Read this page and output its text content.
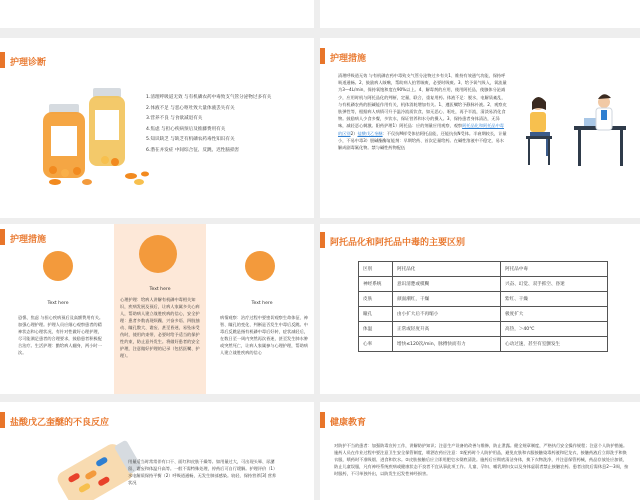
护理诊断
1.清理呼吸道无效 与有机磷农药中毒致支气管分泌物过多有关
2.体液不足 与恶心呕吐致大量体液丢失有关
3.营养不良 与食欲减退有关
4.焦虑 与担心疾病预后及推藤费用有关
5.知识缺乏 与缺乏有机磷农药毒性知识有关
6.潜在并发症 中间综合征、反跳、迟性脑损害
护理措施
清理呼吸道无效 与有机磷农药中毒致支气管分泌物过多有关1、维持有效通气功能，保持呼吸道通畅。2、鼓励病人咳嗽，帮助病人拍背咳痰，必要时吸痰。3、给予氧气吸入，氧流量为3—4L/min，保持氧饱和度在90%以上。4、解毒剂的应用，使用阿托品，使腺体分泌减少，应用时机与阿托品化的判断，定量，联合，重复用药。体液不足：脱水，电解质紊乱，与有机磷农药的胆碱能作用有关，机体消耗增加有关。1、遵医嘱给予静脉补液。2、观察皮肤弹性等，根据病人病情可升予温冷流质饮食，如无恶心、呕吐，再予半流，清淡易消化食物。鼓励病人少食多餐，多饮水，保证营养和水分的摄入。3、保持患者身体清洁，无异味，减轻恶心刺激。阳药护理1）阿托品：应的剂量应用观察，观察阿托品化和阿托品中毒的区别2）盐酸戊乙奎醚：不仅抗M样受体拮阿托品能，还能抗抗N受体。半衰期较长，计量小，不易中毒3）胆碱酯酶复能剂：早期给药、首次足量给药。在碱性溶液中不稳定，易水解成剧毒氟化物。禁与碱性药物配伍
护理措施
Text here
恐惧、焦虑 与担心疾病预后及高额费用有关。加强心理护理。护理人员应细心观察患者的精神状态和心理状况，有针对性做好心理护理，尽可能满足患者的合理要求，鼓励患者积极配合治疗。生活护理：勤给病人翻身，两小时一次。
Text here
心理护理：给病人讲解有机磷中毒相关知识，疾病发展及预后，让病人家属多关心病人，帮助病人建立战胜疾病的信心，安全护理：患者多数表现烦躁、兴奋多语、四肢抽动、瞳孔散大、谵妄、甚至昏迷，易坠床受伤时，使用约束带，必要时给予适当的保护性约束，防止意外发生。将做好患者的安全护理，注意做好护理的记录（包括医嘱、护理）。
Text here
病情观察：治疗过程中要密切观察生命体征、神智、瞳孔的变化、判断是否发生中毒后反跳。中毒后反跳是指有机磷中毒后好转，症状减轻后，在数日至一周内突然再次昏迷，甚至发生肺水肿或突然死亡，让病人家属参与心理护理，帮助病人建立战胜疾病的信心
阿托品化和阿托品中毒的主要区别
区别	阿托品化	阿托品中毒
神经系统	意识清楚或模糊	兴奋、幻觉、双手抓空、昏迷
皮肤	颜面潮红，干燥	紫红、干燥
瞳孔	由小扩大后不再缩小	极度扩大
体温	正常或轻度升高	高热，＞40℃
心率	增快≤120次/min，脉搏快而有力	心动过速，甚至有室颤发生
盐酸戊乙奎醚的不良反应
用量适当时常常伴有口干、面红和皮肤干燥等。如用量过大，可出现头晕、尿潴留、谵妄和体温升高等。一般不需特殊处理，停药后可自行缓解。护理评价（1）水电解质保持平衡（2）呼吸道通畅，无发生肺部感染。较轻、保持营养[3] 营养状况
健康教育
对防护不当的患者：加强防毒宣传工作，讲解防护知识；注意生产设备的改善与维修，防止泄露。健全规章制度，严格执行安全操作规程；注意个人防护措施。施药人员在作业过程中要注意卫生安全保管制度，喷洒农药应注意：①配药时个人防护用品，避免皮肤和衣服接触染毒药液和尼龙衣，接触药液后立即洗手和换衣服，喷药时不准吸烟、进食和饮水。②皮肤接触后应立即用肥皂水彻底清洗。施药后应彻底清洁身体，换下衣物洗净，并注意保管药械，药品存放处应加锁，防止儿童误服，凡有神经系统疾病或健康状态不良者不宜从事此项工作。儿童、孕妇、哺乳期妇女以及身体虚弱者禁止接触农药。患者出院后需休息2～3周，按时服药，不可单独外出，以防发生迟发性神经损害。
